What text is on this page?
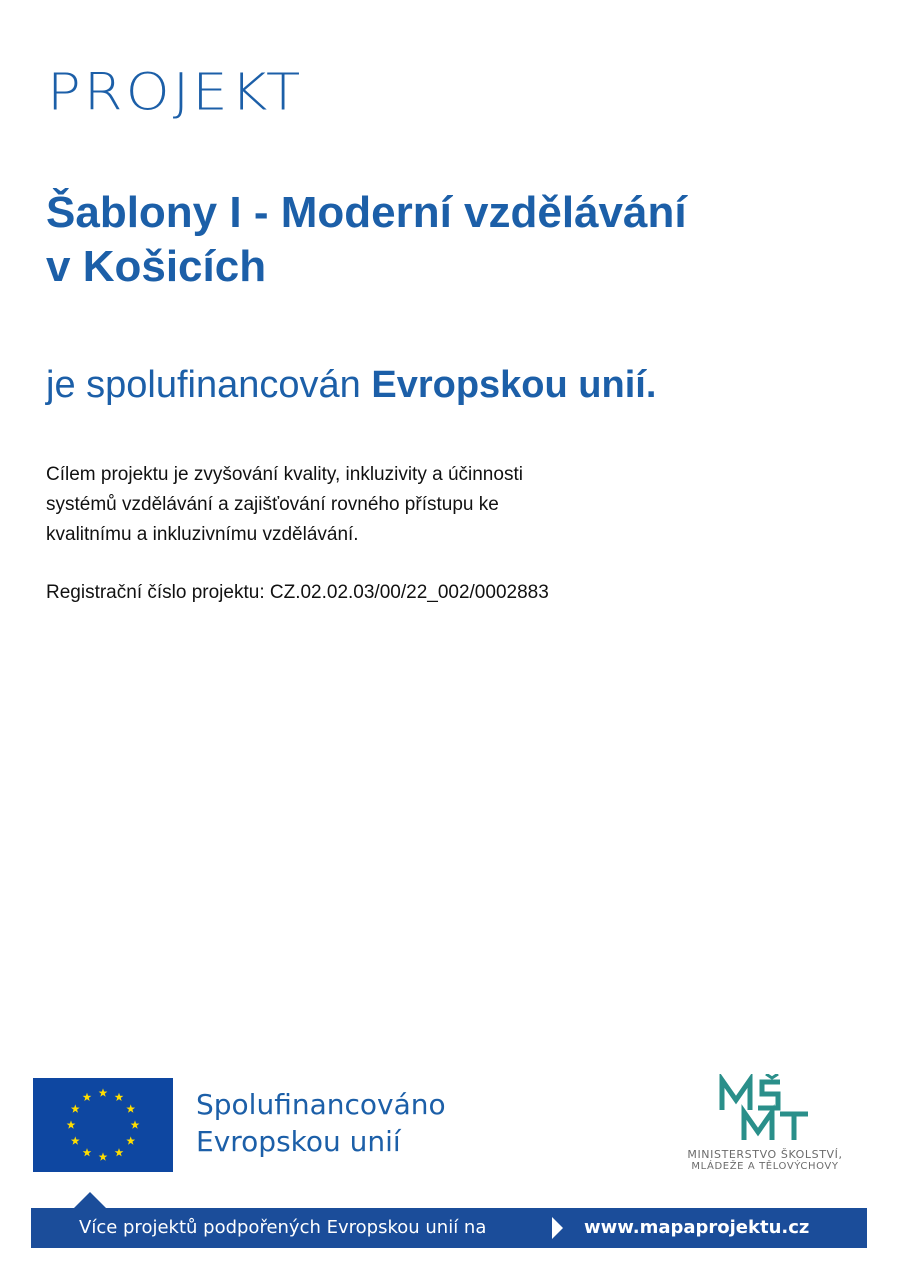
PROJEKT
Šablony I - Moderní vzdělávání
v Košicích
je spolufinancován Evropskou unií.
Cílem projektu je zvyšování kvality, inkluzivity a účinnosti
systémů vzdělávání a zajišťování rovného přístupu ke
kvalitnímu a inkluzivnímu vzdělávání.
Registrační číslo projektu: CZ.02.02.03/00/22_002/0002883
Spolufinancováno
Evropskou unií	MINISTERSTVO ŠKOLSTVÍ,
MLÁDEŽE A TĚLOVÝCHOVY
Více projektů podpořených Evropskou unií na	www.mapaprojektu.cz
